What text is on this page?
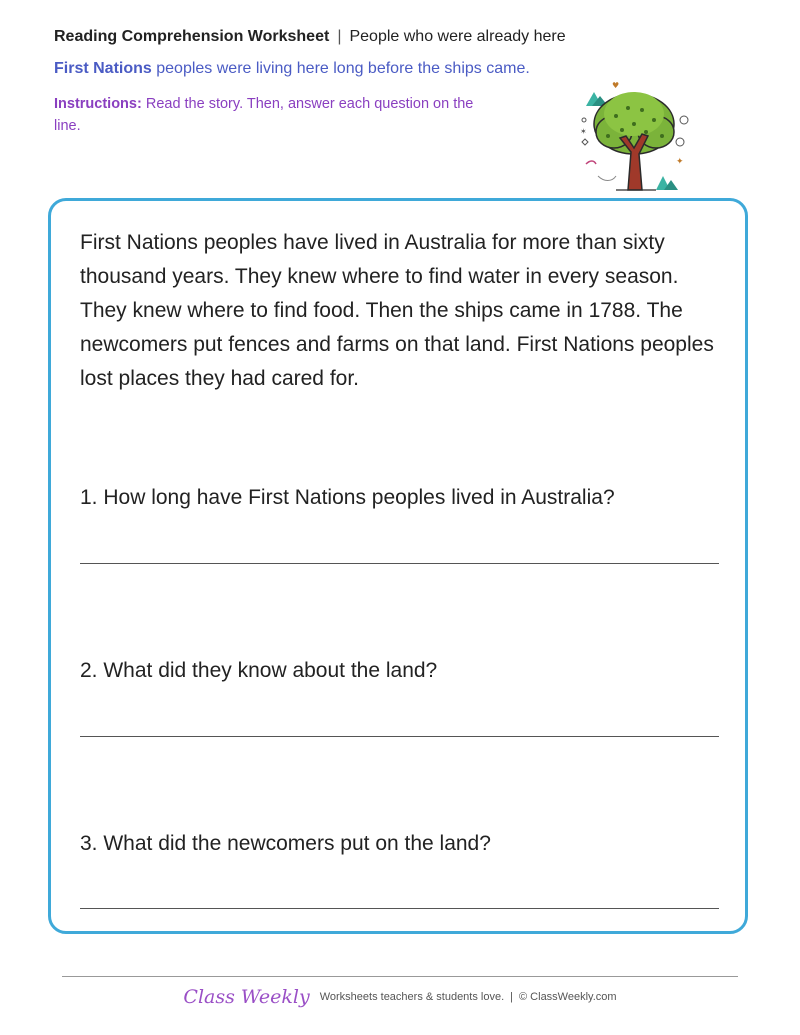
Reading Comprehension Worksheet | People who were already here
First Nations peoples were living here long before the ships came.
Instructions: Read the story. Then, answer each question on the line.
✦
✶
♥

First Nations peoples have lived in Australia for more than sixty thousand years. They knew where to find water in every season. They knew where to find food. Then the ships came in 1788. The newcomers put fences and farms on that land. First Nations peoples lost places they had cared for.

1. How long have First Nations peoples lived in Australia?

2. What did they know about the land?

3. What did the newcomers put on the land?

Class Weekly Worksheets teachers & students love. | © ClassWeekly.com
